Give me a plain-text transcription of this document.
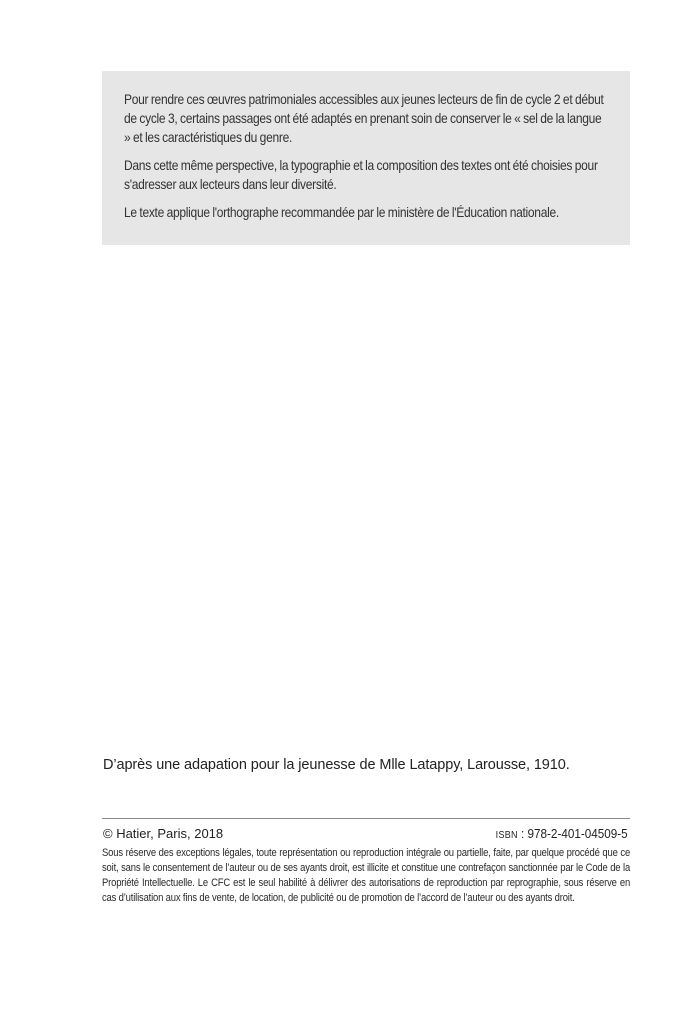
Pour rendre ces œuvres patrimoniales accessibles aux jeunes lecteurs de fin de cycle 2 et début de cycle 3, certains passages ont été adaptés en prenant soin de conserver le « sel de la langue » et les caractéristiques du genre.

Dans cette même perspective, la typographie et la composition des textes ont été choisies pour s'adresser aux lecteurs dans leur diversité.

Le texte applique l'orthographe recommandée par le ministère de l'Éducation nationale.

D’après une adapation pour la jeunesse de Mlle Latappy, Larousse, 1910.
© Hatier, Paris, 2018	ISBN : 978-2-401-04509-5

Sous réserve des exceptions légales, toute représentation ou reproduction intégrale ou partielle, faite, par quelque procédé que ce soit, sans le consentement de l’auteur ou de ses ayants droit, est illicite et constitue une contrefaçon sanctionnée par le Code de la Propriété Intellectuelle. Le CFC est le seul habilité à délivrer des autorisations de reproduction par reprographie, sous réserve en cas d’utilisation aux fins de vente, de location, de publicité ou de promotion de l’accord de l’auteur ou des ayants droit.
